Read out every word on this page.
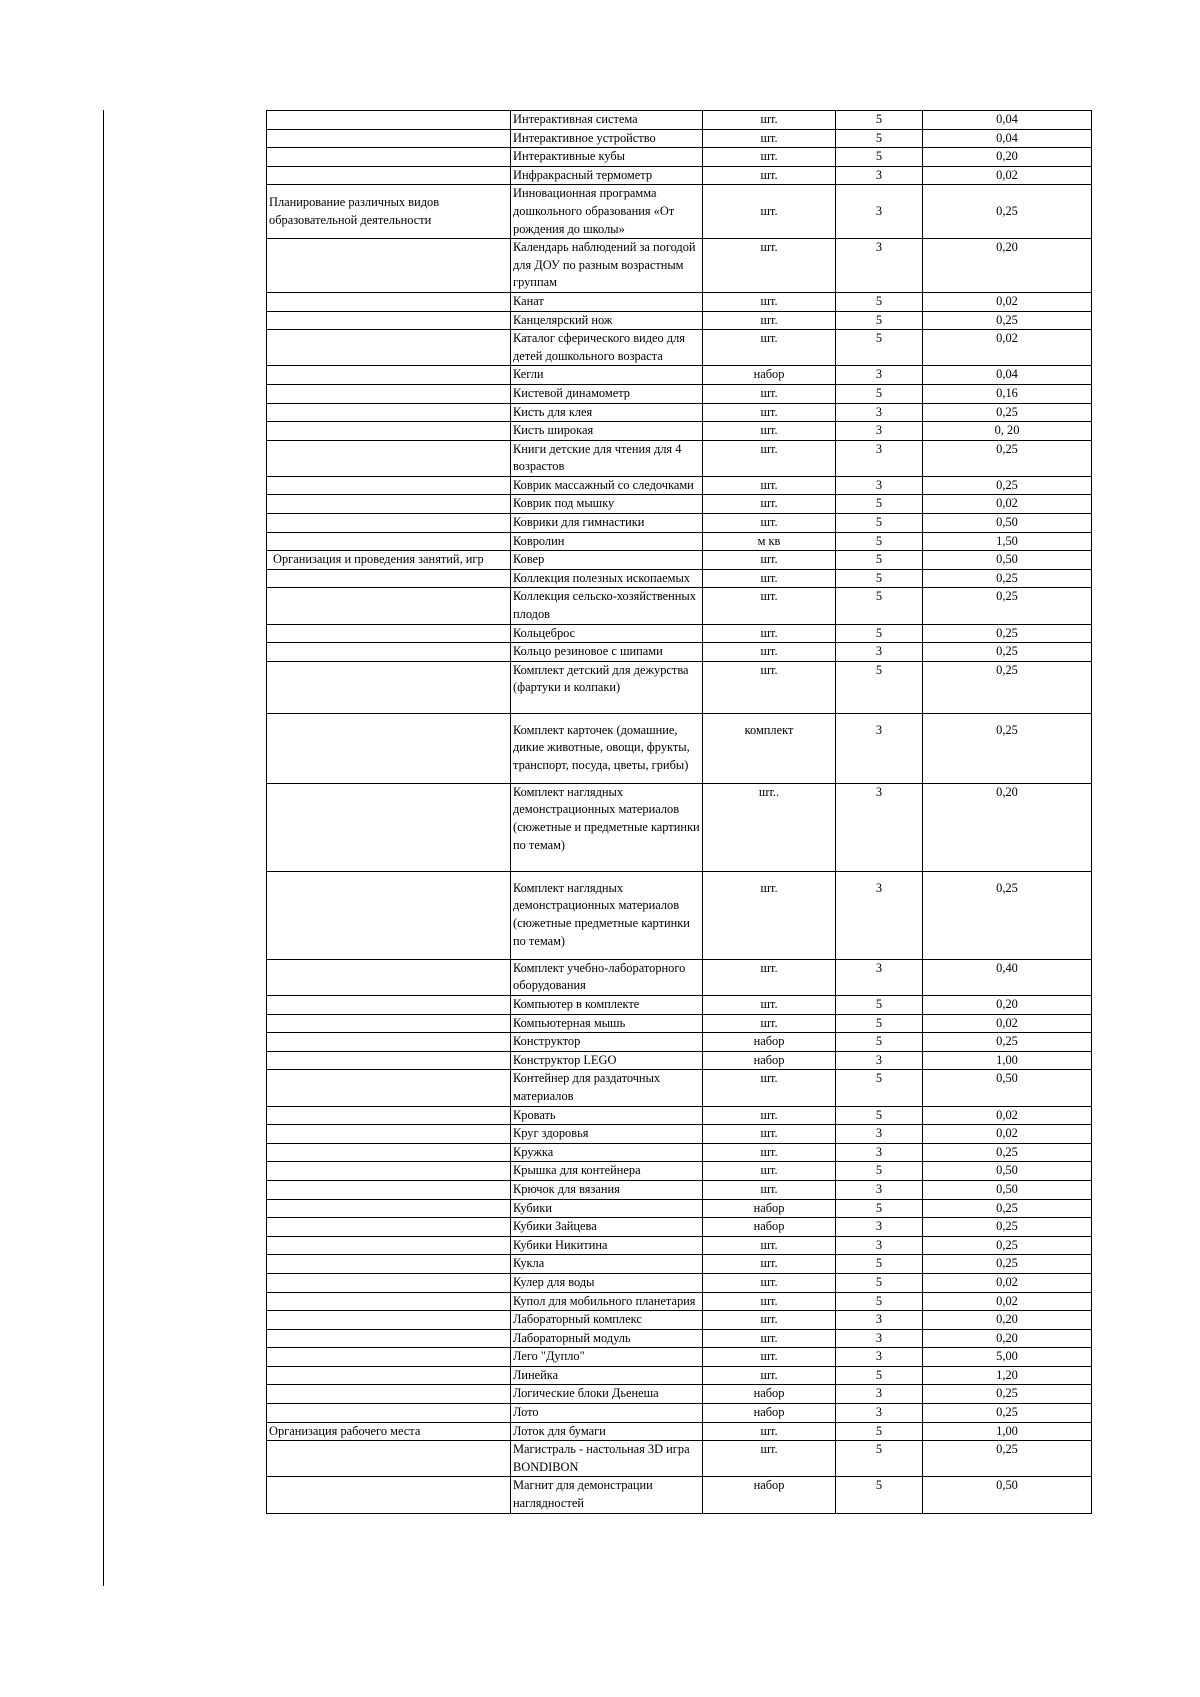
	Интерактивная система	шт.	5	0,04
	Интерактивное устройство	шт.	5	0,04
	Интерактивные кубы	шт.	5	0,20
	Инфракрасный термометр	шт.	3	0,02
Планирование различных видов образовательной деятельности	Инновационная программа дошкольного образования «От рождения до школы»	шт.	3	0,25
	Календарь наблюдений за погодой для ДОУ по разным возрастным группам	шт.	3	0,20
	Канат	шт.	5	0,02
	Канцелярский нож	шт.	5	0,25
	Каталог сферического видео для детей дошкольного возраста	шт.	5	0,02
	Кегли	набор	3	0,04
	Кистевой динамометр	шт.	5	0,16
	Кисть для клея	шт.	3	0,25
	Кисть широкая	шт.	3	0, 20
	Книги детские для чтения для 4 возрастов	шт.	3	0,25
	Коврик массажный со следочками	шт.	3	0,25
	Коврик под мышку	шт.	5	0,02
	Коврики для гимнастики	шт.	5	0,50
	Ковролин	м кв	5	1,50
Организация и проведения занятий, игр	Ковер	шт.	5	0,50
	Коллекция полезных ископаемых	шт.	5	0,25
	Коллекция сельско-хозяйственных плодов	шт.	5	0,25
	Кольцеброс	шт.	5	0,25
	Кольцо резиновое с шипами	шт.	3	0,25
	Комплект детский для дежурства (фартуки и колпаки)	шт.	5	0,25
	Комплект карточек (домашние, дикие животные, овощи, фрукты, транспорт, посуда, цветы, грибы)	комплект	3	0,25
	Комплект наглядных демонстрационных материалов (сюжетные и предметные картинки по темам)	шт..	3	0,20
	Комплект наглядных демонстрационных материалов (сюжетные предметные картинки по темам)	шт.	3	0,25
	Комплект учебно-лабораторного оборудования	шт.	3	0,40
	Компьютер в комплекте	шт.	5	0,20
	Компьютерная мышь	шт.	5	0,02
	Конструктор	набор	5	0,25
	Конструктор LEGO	набор	3	1,00
	Контейнер для раздаточных материалов	шт.	5	0,50
	Кровать	шт.	5	0,02
	Круг здоровья	шт.	3	0,02
	Кружка	шт.	3	0,25
	Крышка для контейнера	шт.	5	0,50
	Крючок для вязания	шт.	3	0,50
	Кубики	набор	5	0,25
	Кубики Зайцева	набор	3	0,25
	Кубики Никитина	шт.	3	0,25
	Кукла	шт.	5	0,25
	Кулер для воды	шт.	5	0,02
	Купол для мобильного планетария	шт.	5	0,02
	Лабораторный комплекс	шт.	3	0,20
	Лабораторный модуль	шт.	3	0,20
	Лего "Дупло"	шт.	3	5,00
	Линейка	шт.	5	1,20
	Логические блоки Дьенеша	набор	3	0,25
	Лото	набор	3	0,25
Организация рабочего места	Лоток для бумаги	шт.	5	1,00
	Магистраль - настольная 3D игра BONDIBON	шт.	5	0,25
	Магнит для демонстрации наглядностей	набор	5	0,50
